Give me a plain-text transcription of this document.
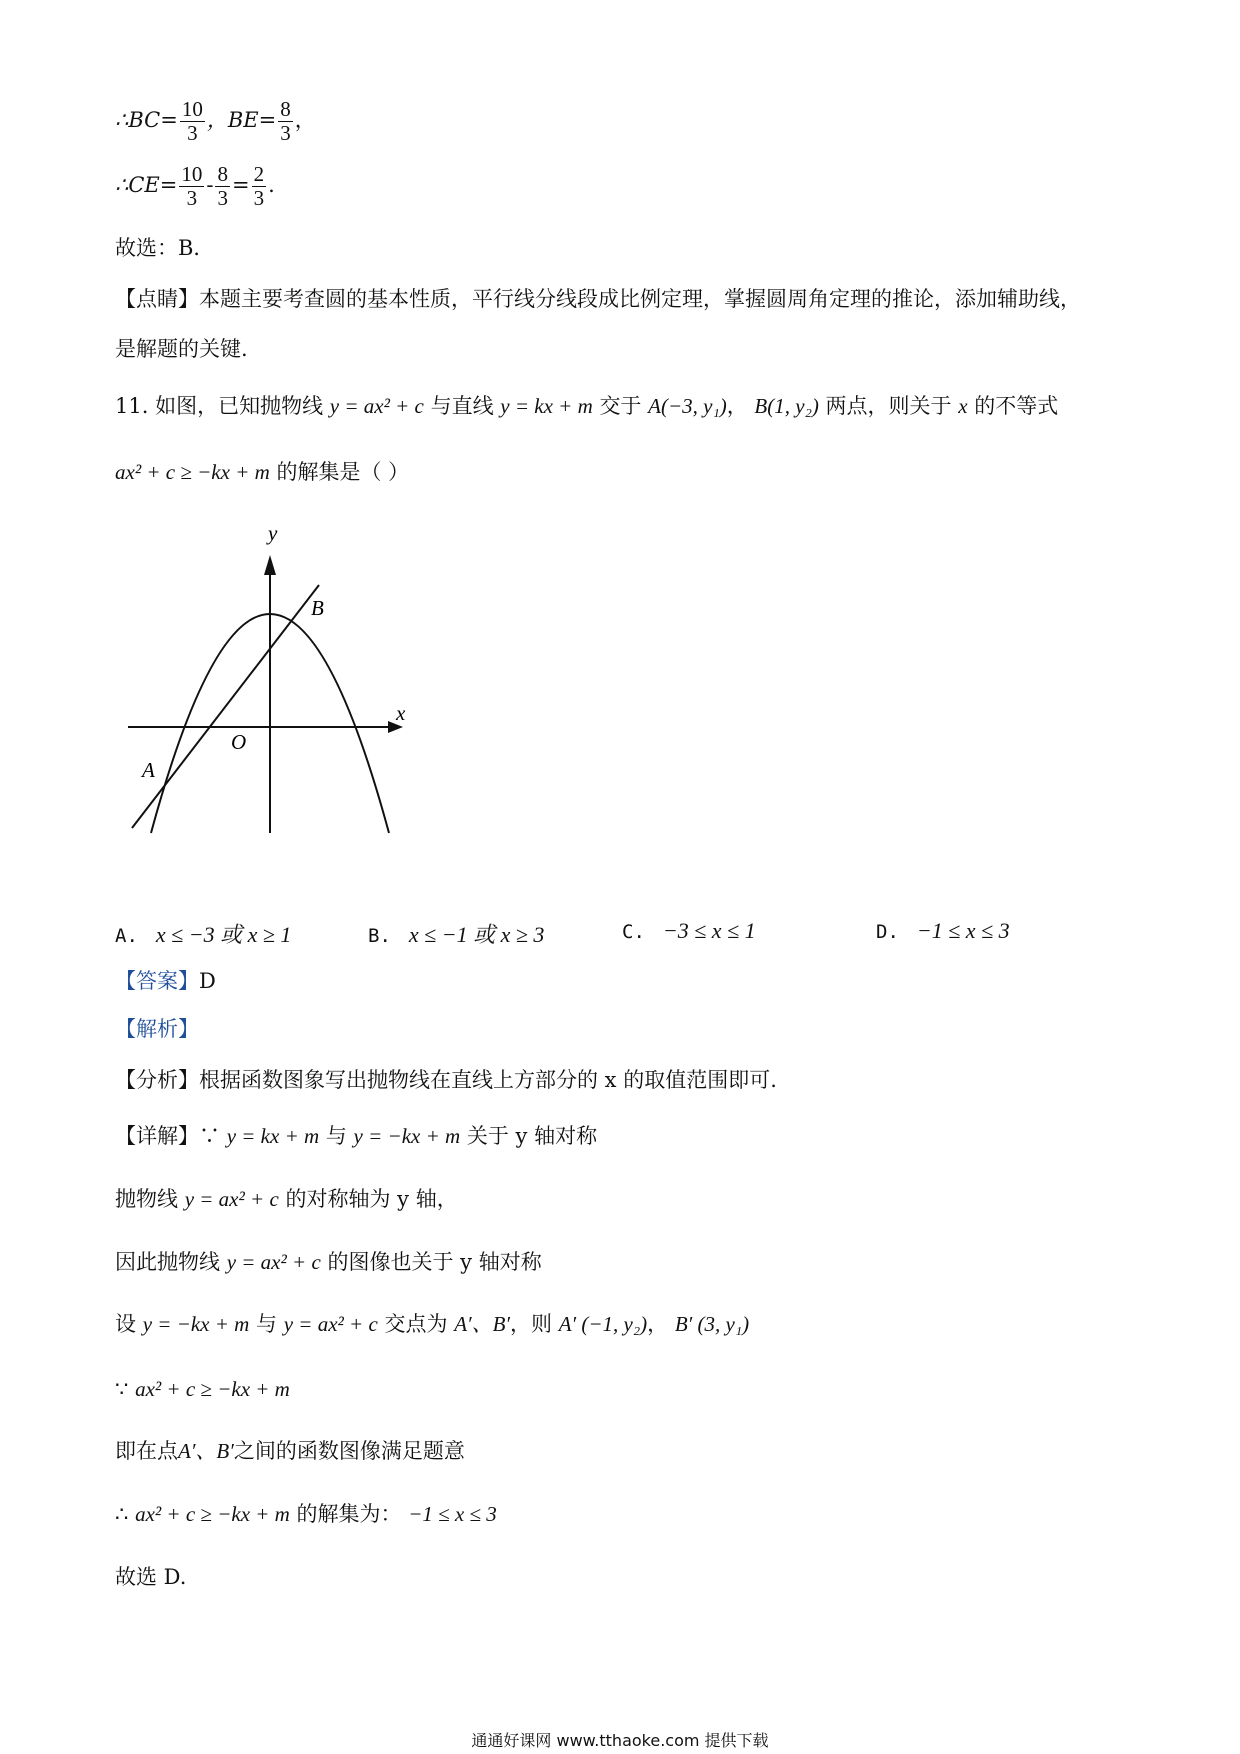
∴BC= $\frac{10}{3}$ ，$BE= \frac{8}{3}$ ，
∴CE= $\frac{10}{3} - \frac{8}{3} = \frac{2}{3}$ .
故选：B．
【点睛】本题主要考查圆的基本性质，平行线分线段成比例定理，掌握圆周角定理的推论，添加辅助线，
是解题的关键.
11. 如图，已知抛物线 y = ax² + c 与直线 y = kx + m 交于 A(−3, y₁)， B(1, y₂) 两点，则关于 x 的不等式
ax² + c ≥ −kx + m 的解集是（ ）
y
x
O
A
B
A. x ≤ −3 或 x ≥ 1	B. x ≤ −1 或 x ≥ 3	C. −3 ≤ x ≤ 1	D. −1 ≤ x ≤ 3
【答案】D
【解析】
【分析】根据函数图象写出抛物线在直线上方部分的 x 的取值范围即可.
【详解】∵ y = kx + m 与 y = −kx + m 关于 y 轴对称
抛物线 y = ax² + c 的对称轴为 y 轴，
因此抛物线 y = ax² + c 的图像也关于 y 轴对称
设 y = −kx + m 与 y = ax² + c 交点为 A′、B′，则 A′ (−1, y₂)， B′ (3, y₁)
∵ ax² + c ≥ −kx + m
即在点A′、B′之间的函数图像满足题意
∴ ax² + c ≥ −kx + m 的解集为： −1 ≤ x ≤ 3
故选 D.
通通好课网 www.tthaoke.com 提供下载
